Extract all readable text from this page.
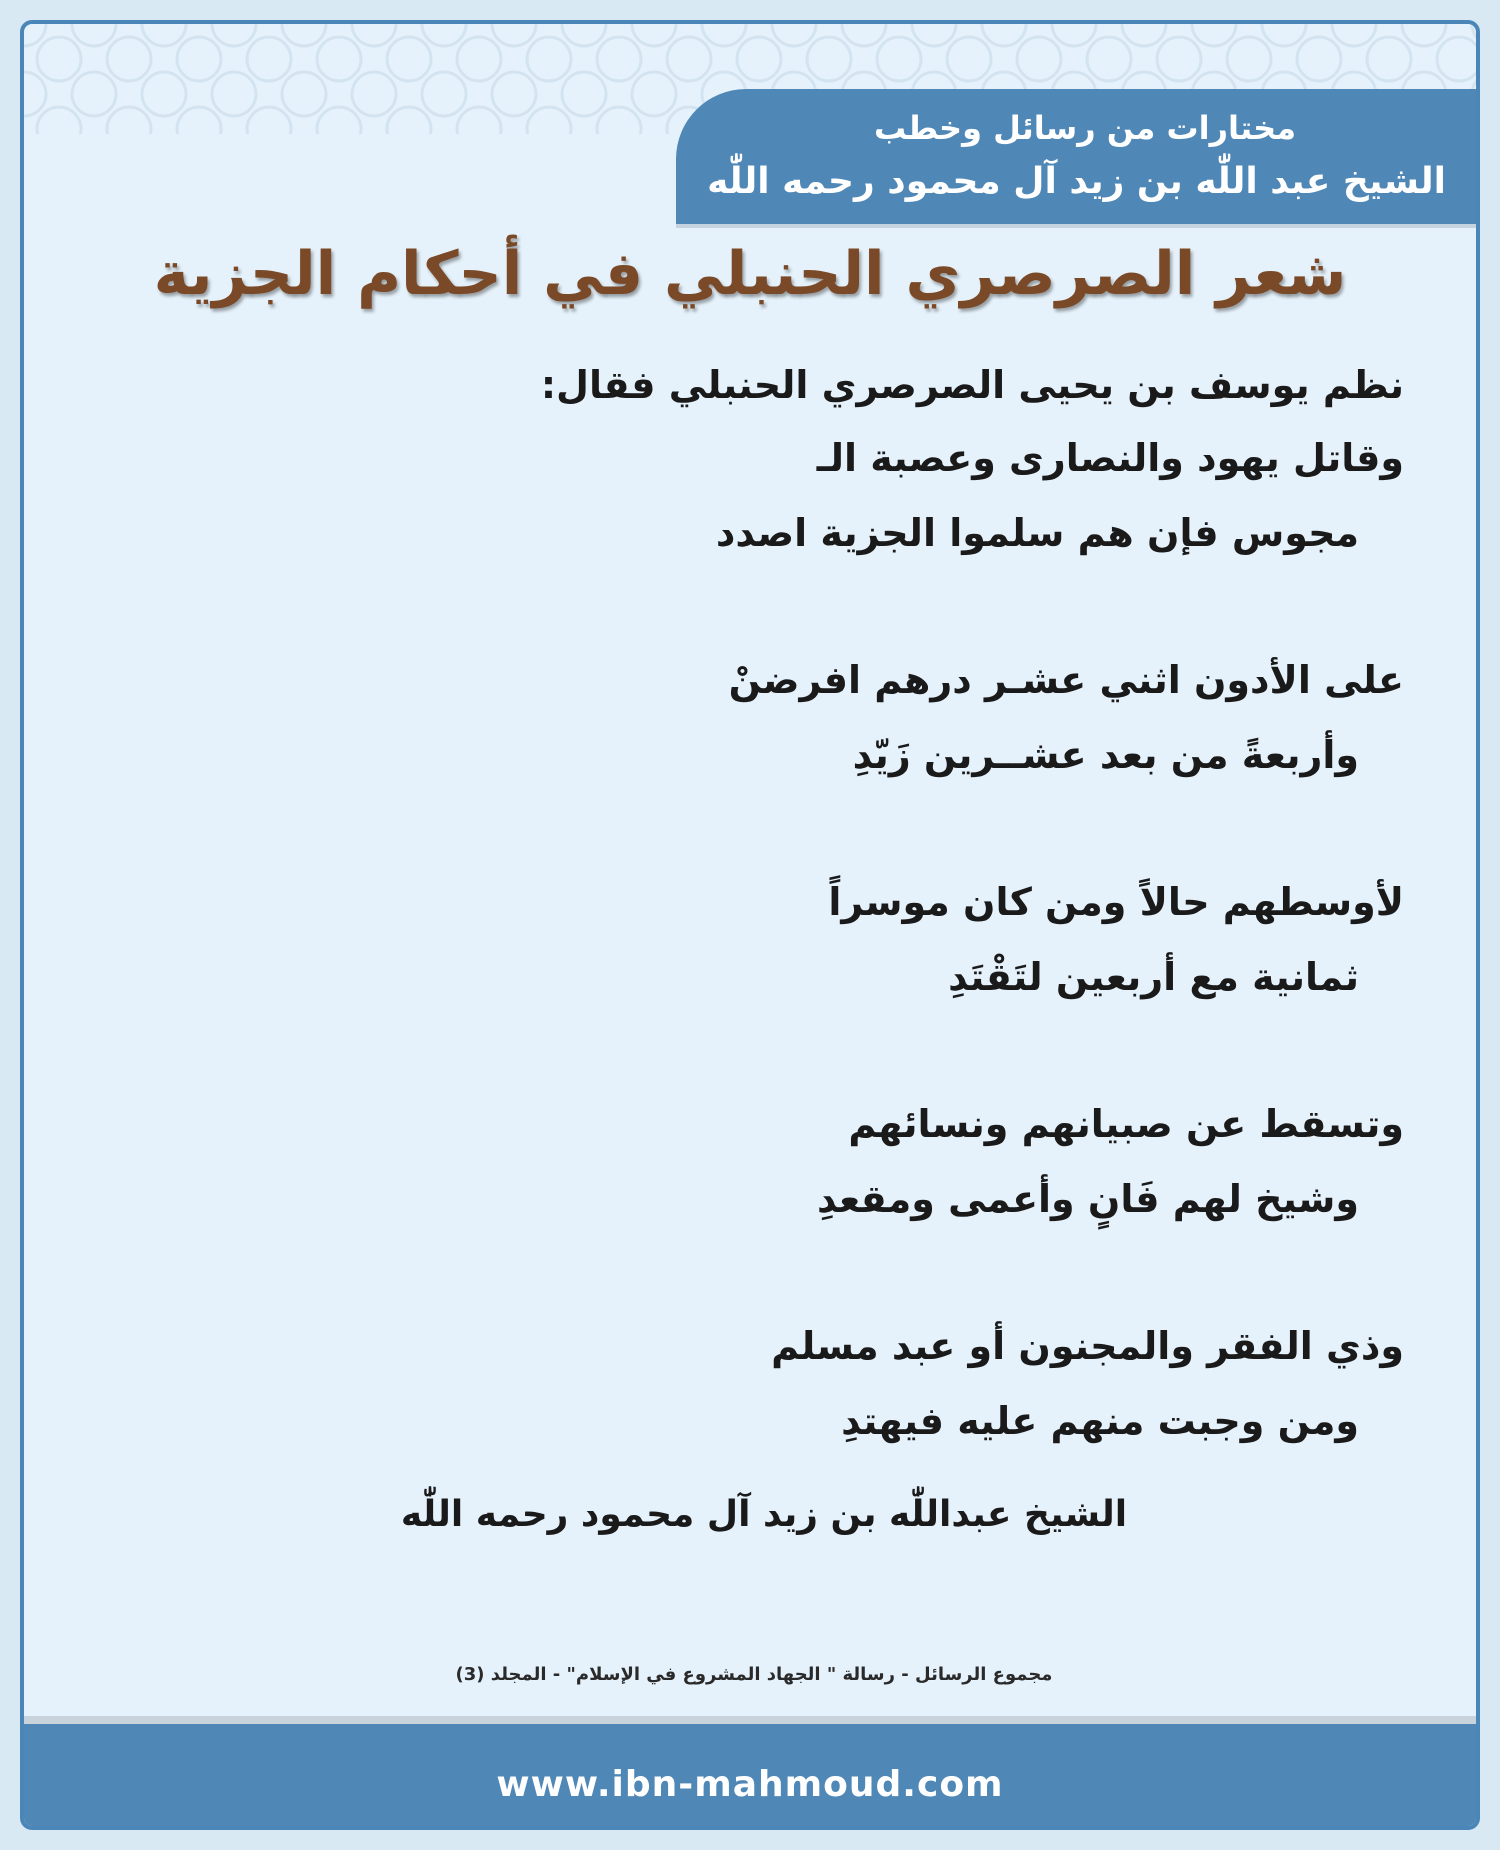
مختارات من رسائل وخطب
الشيخ عبد اللّٰه بن زيد آل محمود رحمه اللّٰه
شعر الصرصري الحنبلي في أحكام الجزية
نظم يوسف بن يحيى الصرصري الحنبلي فقال:
وقاتل يهود والنصارى وعصبة الـ
مجوس فإن هم سلموا الجزية اصدد
على الأدون اثني عشـر درهم افرضنْ
وأربعةً من بعد عشــرين زَيّدِ
لأوسطهم حالاً ومن كان موسراً
ثمانية مع أربعين لتَقْتَدِ
وتسقط عن صبيانهم ونسائهم
وشيخ لهم فَانٍ وأعمى ومقعدِ
وذي الفقر والمجنون أو عبد مسلم
ومن وجبت منهم عليه فيهتدِ
الشيخ عبداللّٰه بن زيد آل محمود رحمه اللّٰه
مجموع الرسائل - رسالة " الجهاد المشروع في الإسلام" - المجلد (3)
www.ibn-mahmoud.com
